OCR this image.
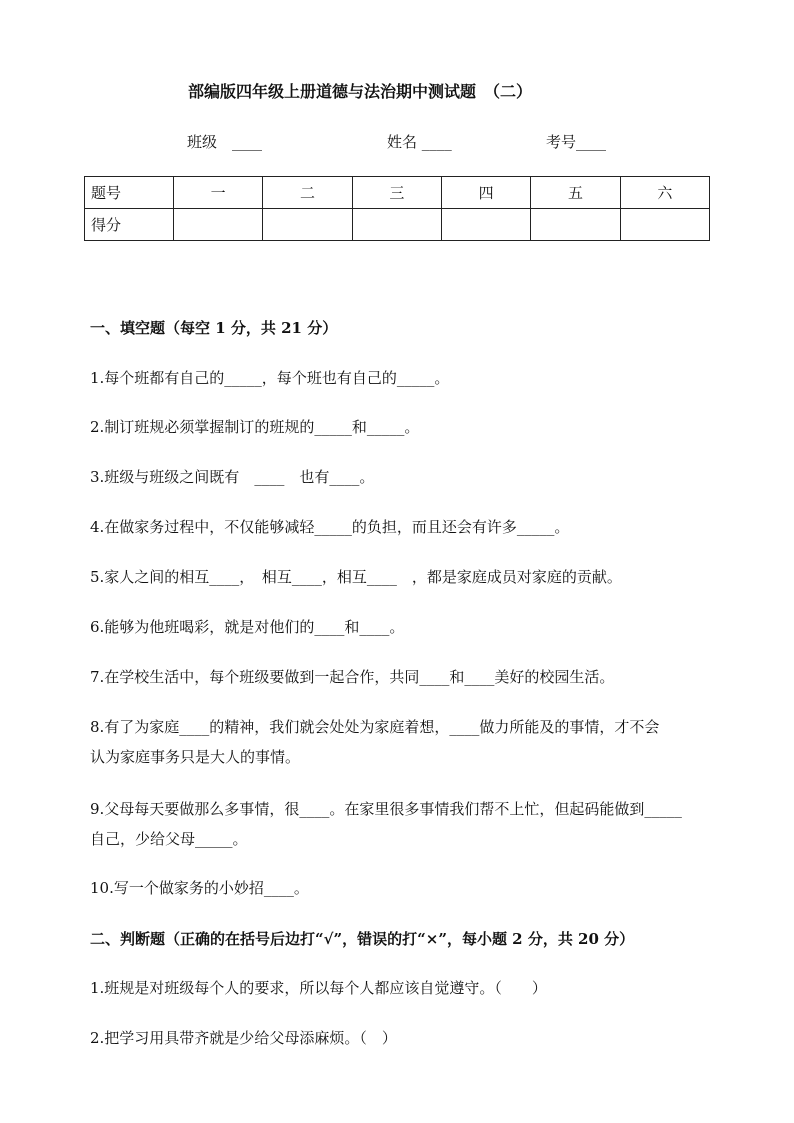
部编版四年级上册道德与法治期中测试题　（二）
班级　____	姓名 ____	考号____
题号	一	二	三	四	五	六
得分						
一、填空题（每空 1 分，共 21 分）
1.每个班都有自己的_____，每个班也有自己的_____。
2.制订班规必须掌握制订的班规的_____和_____。
3.班级与班级之间既有　____　也有____。
4.在做家务过程中，不仅能够减轻_____的负担，而且还会有许多_____。
5.家人之间的相互____，　相互____，相互____　，都是家庭成员对家庭的贡献。
6.能够为他班喝彩，就是对他们的____和____。
7.在学校生活中，每个班级要做到一起合作，共同____和____美好的校园生活。
8.有了为家庭____的精神，我们就会处处为家庭着想，____做力所能及的事情，才不会
认为家庭事务只是大人的事情。
9.父母每天要做那么多事情，很____。在家里很多事情我们帮不上忙，但起码能做到_____
自己，少给父母_____。
10.写一个做家务的小妙招____。
二、判断题（正确的在括号后边打“√”，错误的打“×”，每小题 2 分，共 20 分）
1.班规是对班级每个人的要求，所以每个人都应该自觉遵守。（　　）
2.把学习用具带齐就是少给父母添麻烦。（　）
